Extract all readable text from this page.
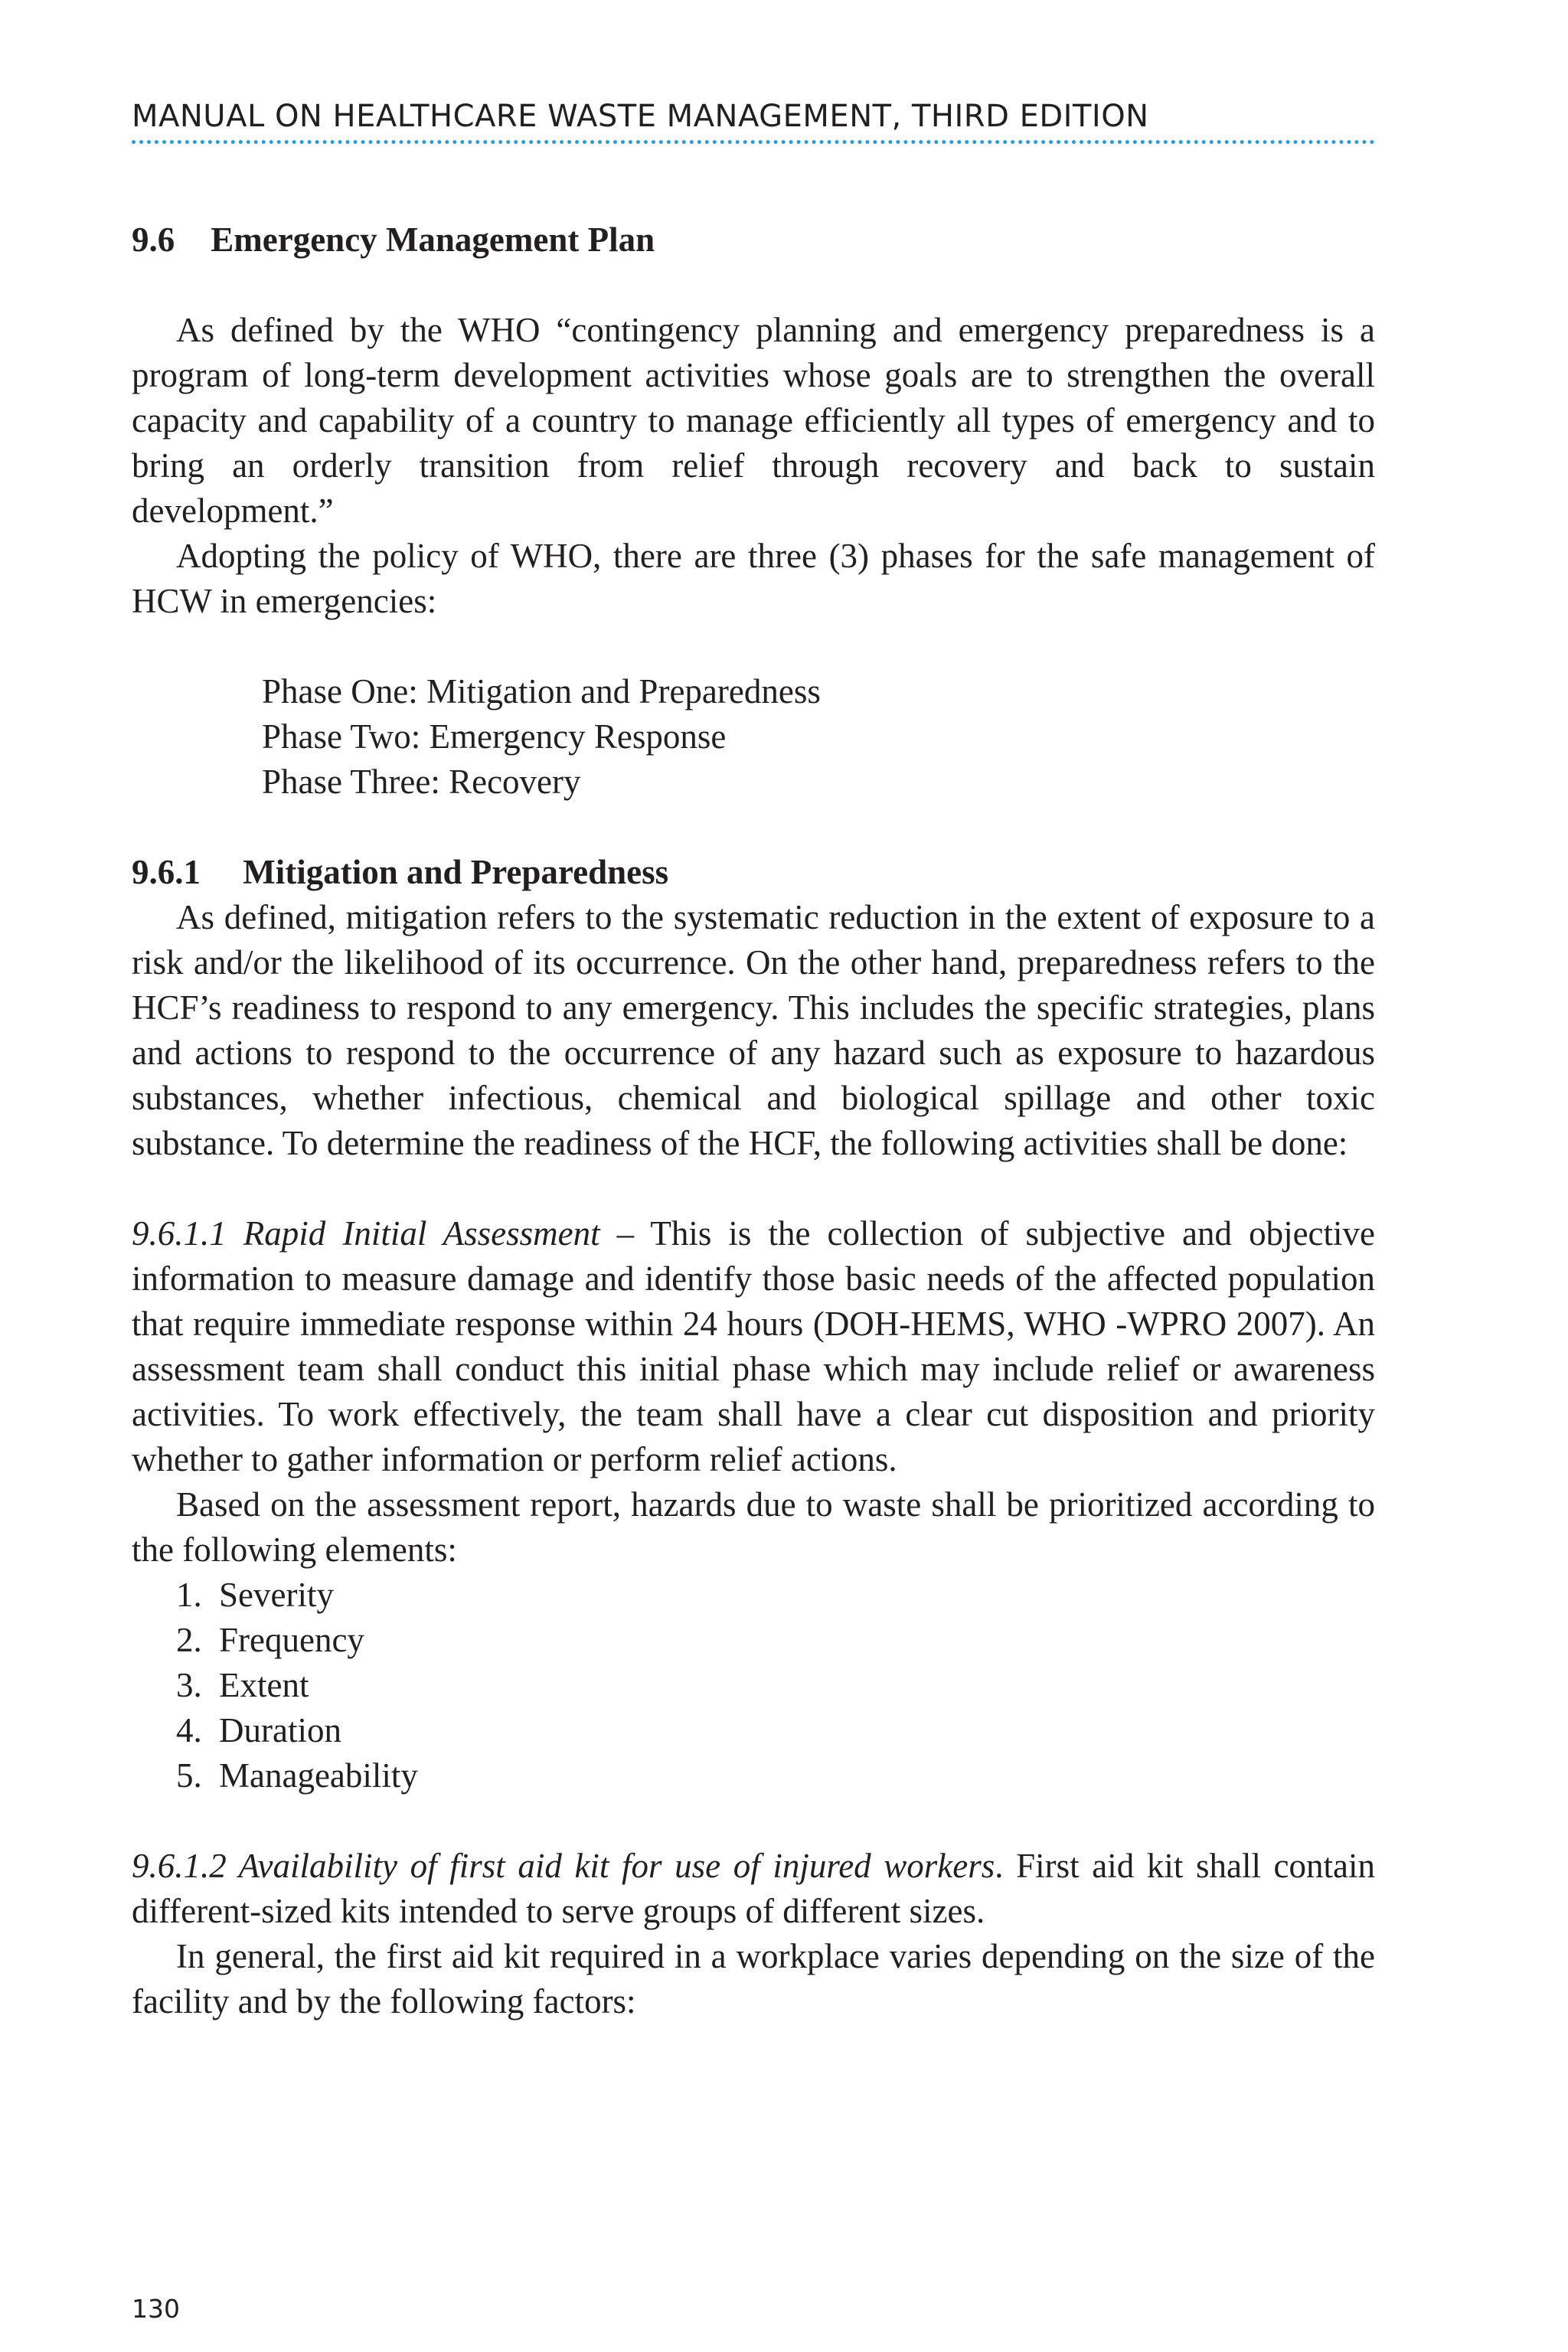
MANUAL ON HEALTHCARE WASTE MANAGEMENT, THIRD EDITION

9.6 Emergency Management Plan

As defined by the WHO “contingency planning and emergency preparedness is a program of long-term development activities whose goals are to strengthen the overall capacity and capability of a country to manage efficiently all types of emergency and to bring an orderly transition from relief through recovery and back to sustain development.”

Adopting the policy of WHO, there are three (3) phases for the safe management of HCW in emergencies:

Phase One: Mitigation and Preparedness
Phase Two: Emergency Response
Phase Three: Recovery

9.6.1 Mitigation and Preparedness

As defined, mitigation refers to the systematic reduction in the extent of exposure to a risk and/or the likelihood of its occurrence. On the other hand, preparedness refers to the HCF’s readiness to respond to any emergency. This includes the specific strategies, plans and actions to respond to the occurrence of any hazard such as exposure to hazardous substances, whether infectious, chemical and biological spillage and other toxic substance. To determine the readiness of the HCF, the following activities shall be done:

9.6.1.1 Rapid Initial Assessment – This is the collection of subjective and objective information to measure damage and identify those basic needs of the affected population that require immediate response within 24 hours (DOH-HEMS, WHO -WPRO 2007). An assessment team shall conduct this initial phase which may include relief or awareness activities. To work effectively, the team shall have a clear cut disposition and priority whether to gather information or perform relief actions.

Based on the assessment report, hazards due to waste shall be prioritized according to the following elements:

1. Severity
2. Frequency
3. Extent
4. Duration
5. Manageability

9.6.1.2 Availability of first aid kit for use of injured workers. First aid kit shall contain different-sized kits intended to serve groups of different sizes.

In general, the first aid kit required in a workplace varies depending on the size of the facility and by the following factors:

130
